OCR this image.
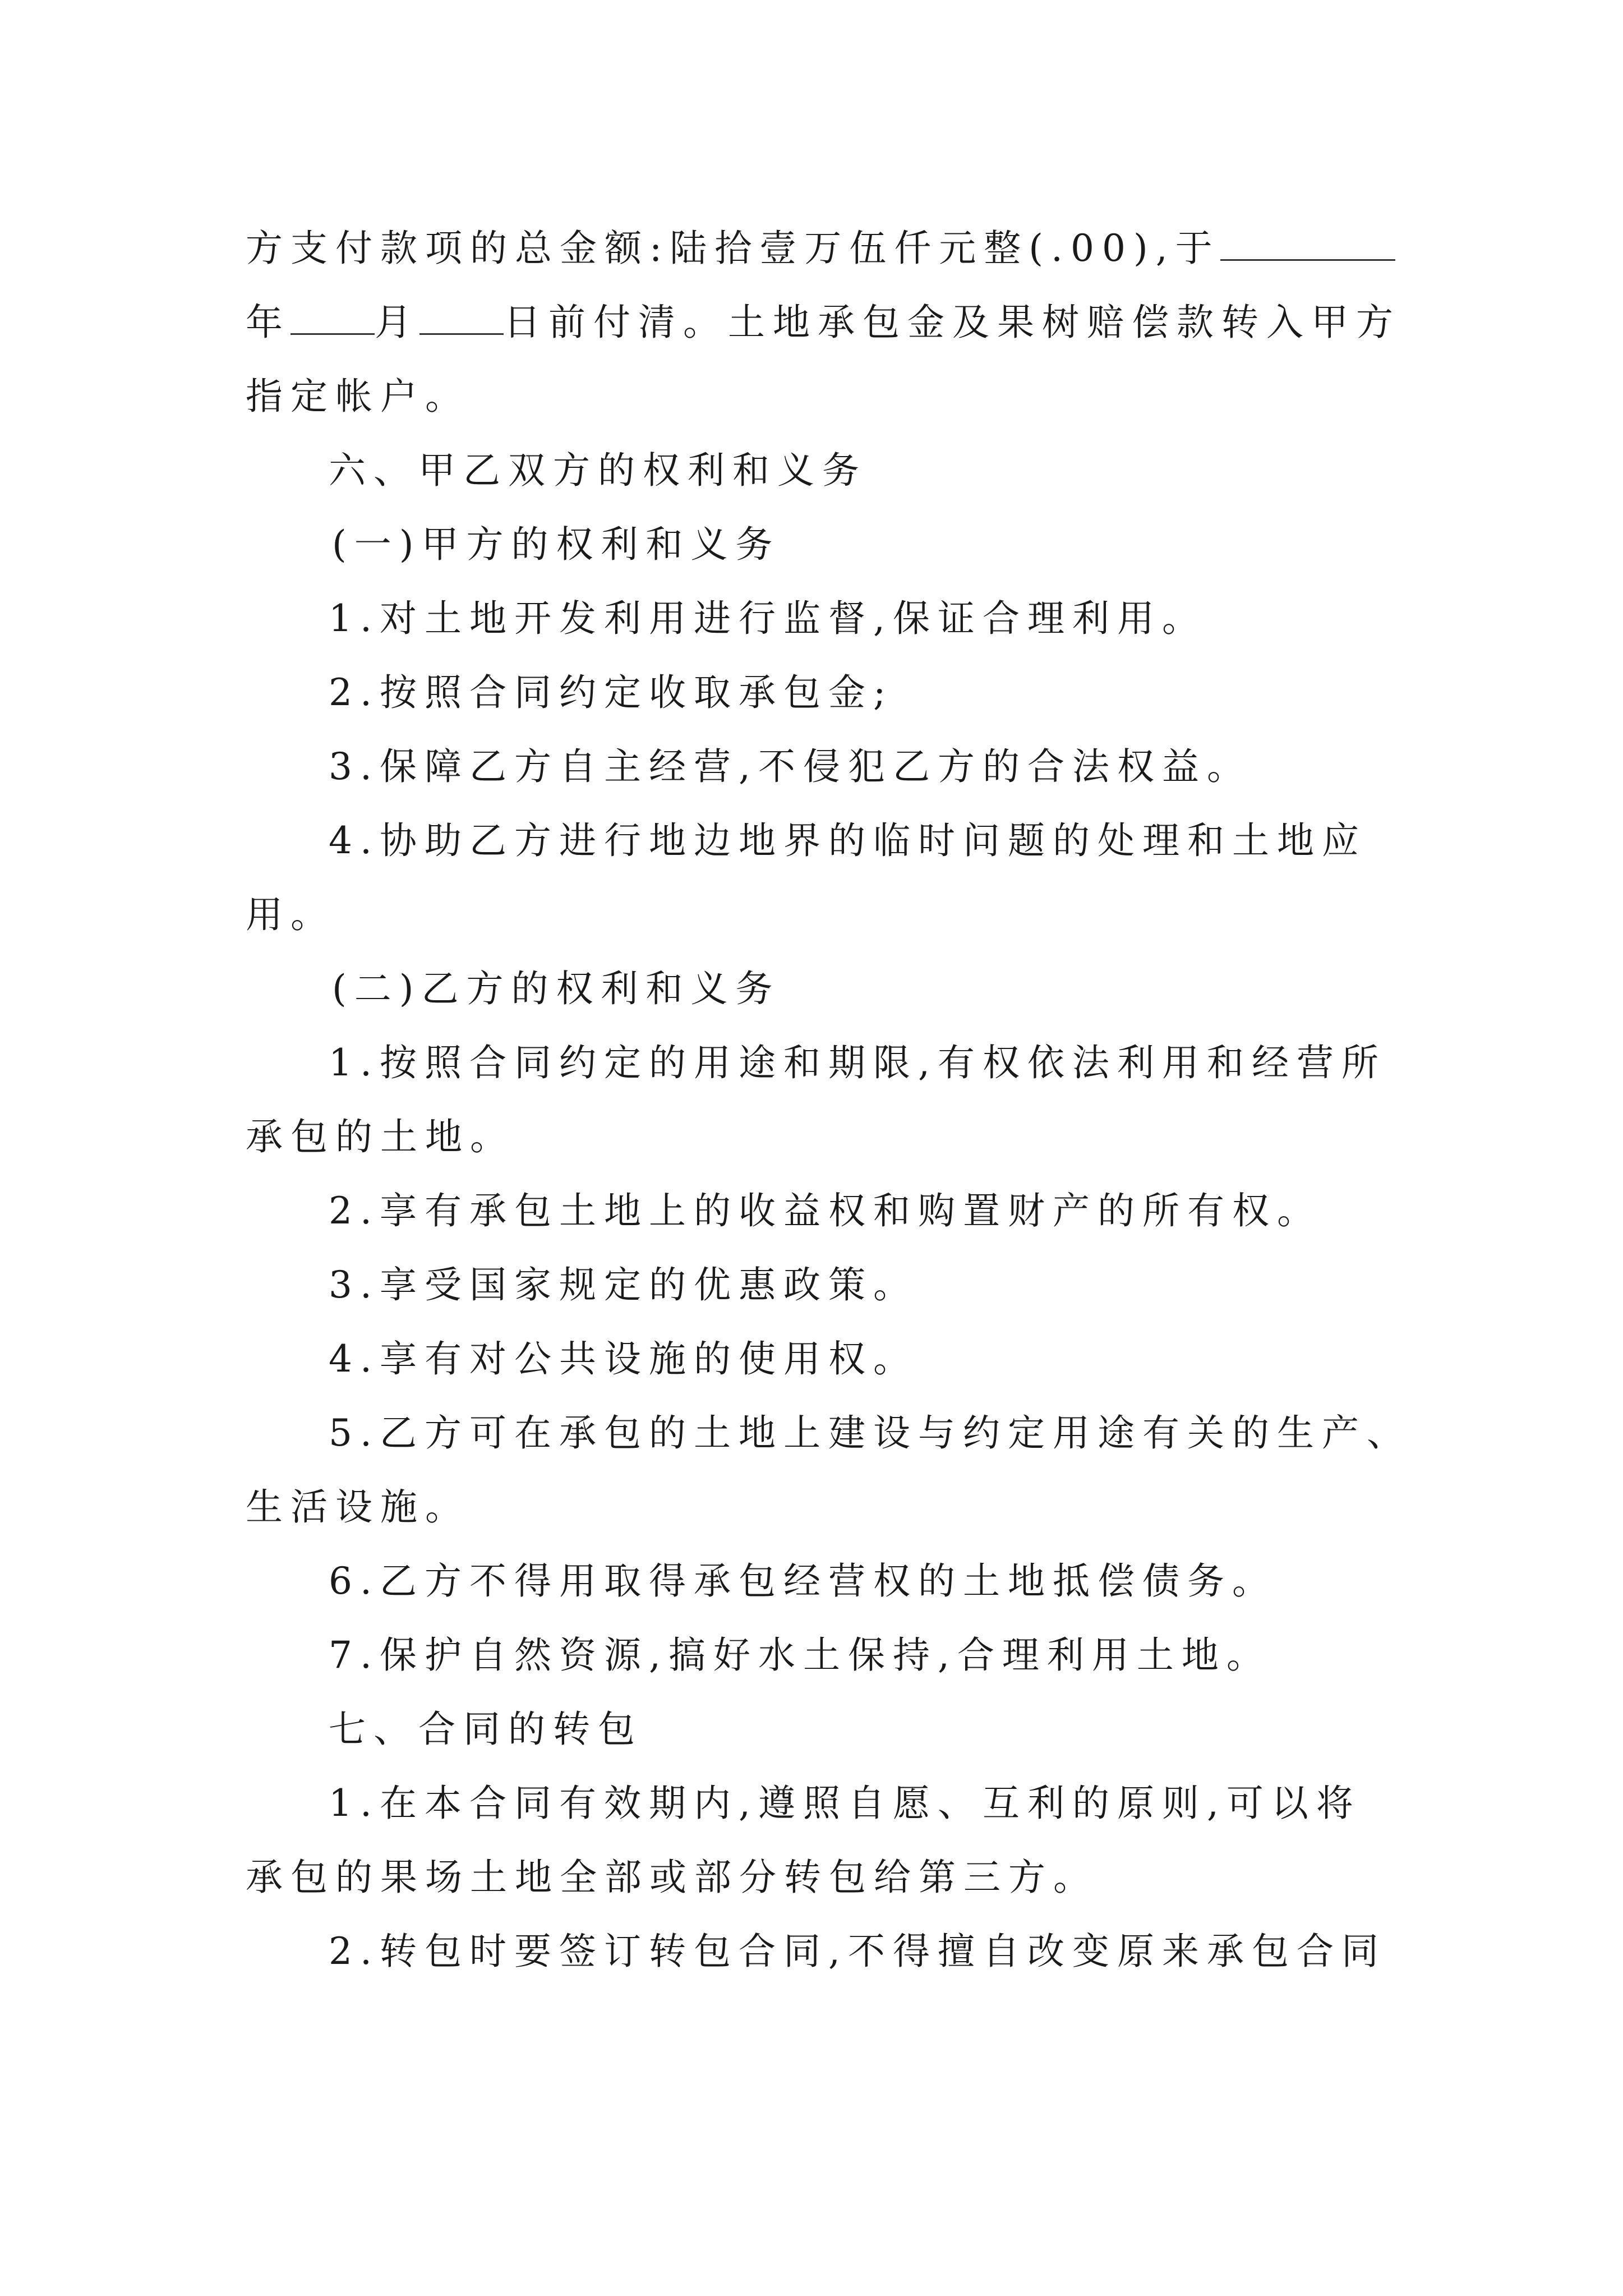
方支付款项的总金额:陆拾壹万伍仟元整(.00),于
年 月 日前付清。土地承包金及果树赔偿款转入甲方
指定帐户。
六、甲乙双方的权利和义务
(一)甲方的权利和义务
1.对土地开发利用进行监督,保证合理利用。
2.按照合同约定收取承包金;
3.保障乙方自主经营,不侵犯乙方的合法权益。
4.协助乙方进行地边地界的临时问题的处理和土地应
用。
(二)乙方的权利和义务
1.按照合同约定的用途和期限,有权依法利用和经营所
承包的土地。
2.享有承包土地上的收益权和购置财产的所有权。
3.享受国家规定的优惠政策。
4.享有对公共设施的使用权。
5.乙方可在承包的土地上建设与约定用途有关的生产、
生活设施。
6.乙方不得用取得承包经营权的土地抵偿债务。
7.保护自然资源,搞好水土保持,合理利用土地。
七、合同的转包
1.在本合同有效期内,遵照自愿、互利的原则,可以将
承包的果场土地全部或部分转包给第三方。
2.转包时要签订转包合同,不得擅自改变原来承包合同
